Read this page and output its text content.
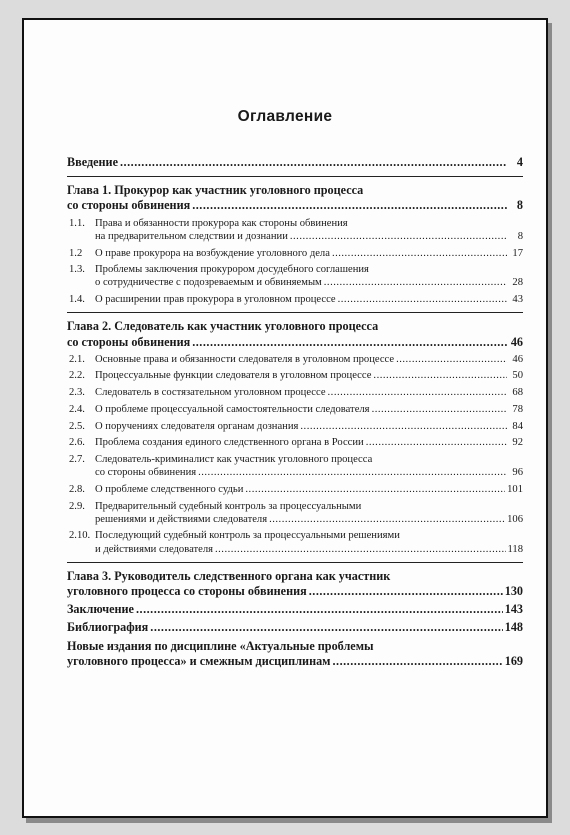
Оглавление
Введение .....	4
Глава 1. Прокурор как участник уголовного процесса
со стороны обвинения .....	8
1.1. Права и обязанности прокурора как стороны обвинения
на предварительном следствии и дознании .....	8
1.2	О праве прокурора на возбуждение уголовного дела .....	17
1.3. Проблемы заключения прокурором досудебного соглашения
о сотрудничестве с подозреваемым и обвиняемым .....	28
1.4. О расширении прав прокурора в уголовном процессе .....	43
Глава 2. Следователь как участник уголовного процесса
со стороны обвинения .....	46
2.1. Основные права и обязанности следователя в уголовном процессе .....	46
2.2. Процессуальные функции следователя в уголовном процессе .....	50
2.3. Следователь в состязательном уголовном процессе .....	68
2.4. О проблеме процессуальной самостоятельности следователя .....	78
2.5. О поручениях следователя органам дознания .....	84
2.6. Проблема создания единого следственного органа в России .....	92
2.7. Следователь-криминалист как участник уголовного процесса
со стороны обвинения .....	96
2.8. О проблеме следственного судьи .....	101
2.9. Предварительный судебный контроль за процессуальными
решениями и действиями следователя .....	106
2.10. Последующий судебный контроль за процессуальными решениями
и действиями следователя .....	118
Глава 3. Руководитель следственного органа как участник
уголовного процесса со стороны обвинения .....	130
Заключение .....	143
Библиография .....	148
Новые издания по дисциплине «Актуальные проблемы
уголовного процесса» и смежным дисциплинам .....	169
